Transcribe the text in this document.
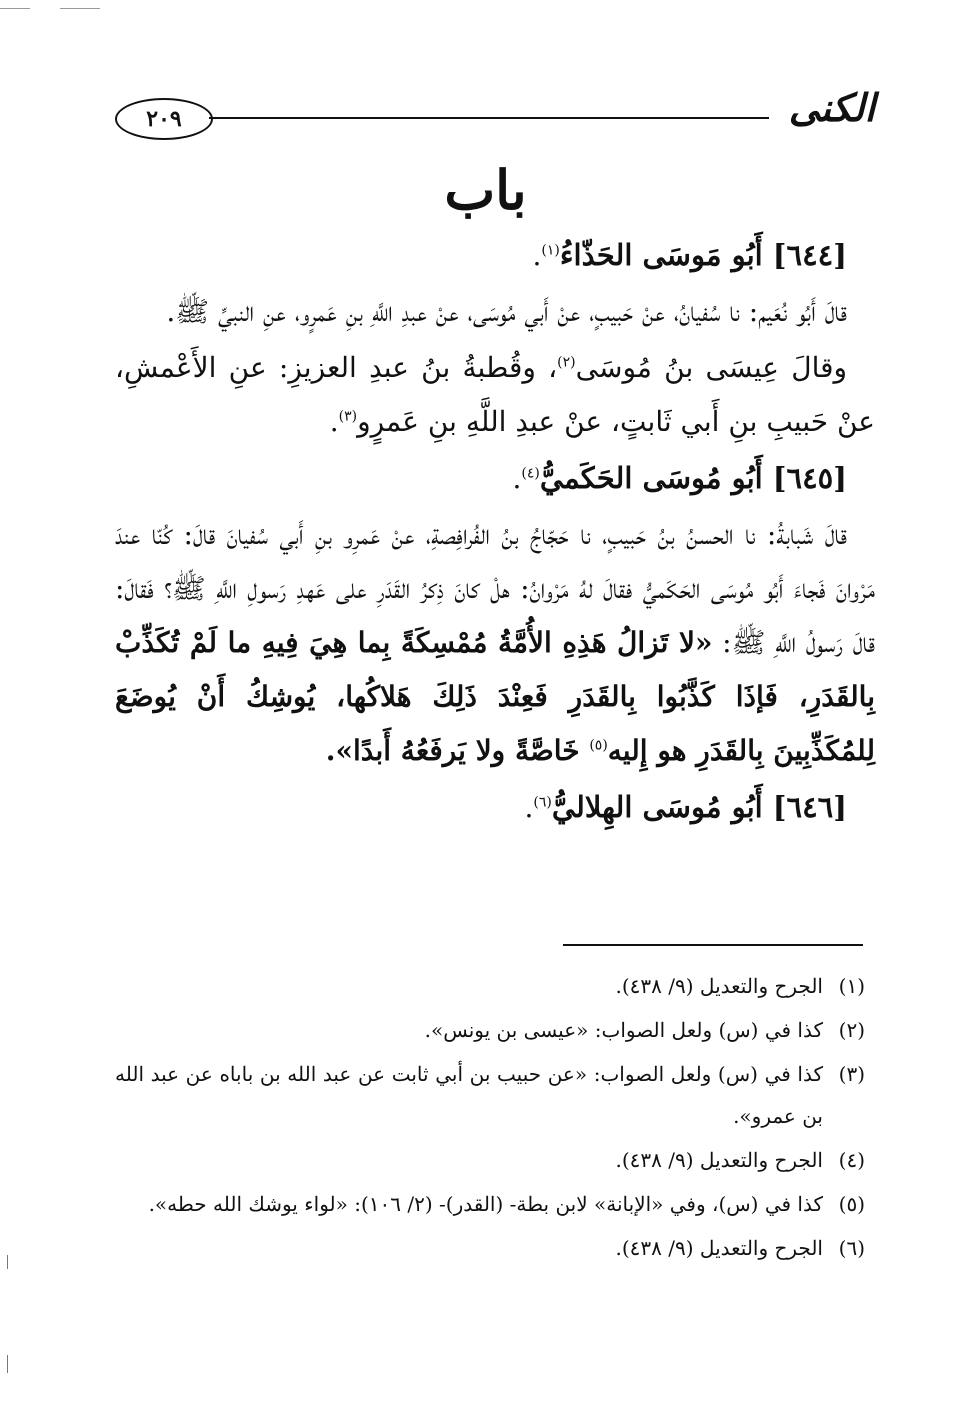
٢٠٩	الكنى
باب

[٦٤٤] أَبُو مَوسَى الحَذّاءُ$^{(١)}$.

قالَ أَبُو نُعَيم: نا سُفيانُ، عنْ حَبيبٍ، عنْ أَبي مُوسَى، عنْ عبدِ اللَّهِ بنِ عَمرٍو، عنِ النبيِّ ﷺ.

وقالَ عِيسَى بنُ مُوسَى$^{(٢)}$، وقُطبةُ بنُ عبدِ العزيزِ: عنِ الأَعْمشِ، عنْ حَبيبِ بنِ أَبي ثَابتٍ، عنْ عبدِ اللَّهِ بنِ عَمرٍو$^{(٣)}$.

[٦٤٥] أَبُو مُوسَى الحَكَميُّ$^{(٤)}$.

قالَ شَبابةُ: نا الحسنُ بنُ حَبيبٍ، نا حَجّاجُ بنُ الفُرافِصةِ، عنْ عَمرِو بنِ أَبي سُفيانَ قالَ: كُنّا عندَ مَرْوانَ فَجاءَ أَبُو مُوسَى الحَكَميُّ فقالَ لهُ مَرْوانُ: هلْ كانَ ذِكرُ القَدَرِ على عَهدِ رَسولِ اللَّهِ ﷺ؟ فَقالَ: قالَ رَسولُ اللَّهِ ﷺ: «لا تَزالُ هَذِهِ الأُمَّةُ مُمْسِكَةً بِما هِيَ فِيهِ ما لَمْ تُكَذِّبْ بِالقَدَرِ، فَإذَا كَذَّبُوا بِالقَدَرِ فَعِنْدَ ذَلِكَ هَلاكُها، يُوشِكُ أَنْ يُوضَعَ لِلمُكَذِّبِينَ بِالقَدَرِ هو إِليه$^{(٥)}$ خَاصَّةً ولا يَرفَعُهُ أَبدًا».

[٦٤٦] أَبُو مُوسَى الهِلاليُّ$^{(٦)}$.

(١)
الجرح والتعديل (٩/ ٤٣٨).

(٢)
كذا في (س) ولعل الصواب: «عيسى بن يونس».

(٣)
كذا في (س) ولعل الصواب: «عن حبيب بن أبي ثابت عن عبد الله بن باباه عن عبد الله بن عمرو».

(٤)
الجرح والتعديل (٩/ ٤٣٨).

(٥)
كذا في (س)، وفي «الإبانة» لابن بطة- (القدر)- (٢/ ١٠٦): «لواء يوشك الله حطه».

(٦)
الجرح والتعديل (٩/ ٤٣٨).
